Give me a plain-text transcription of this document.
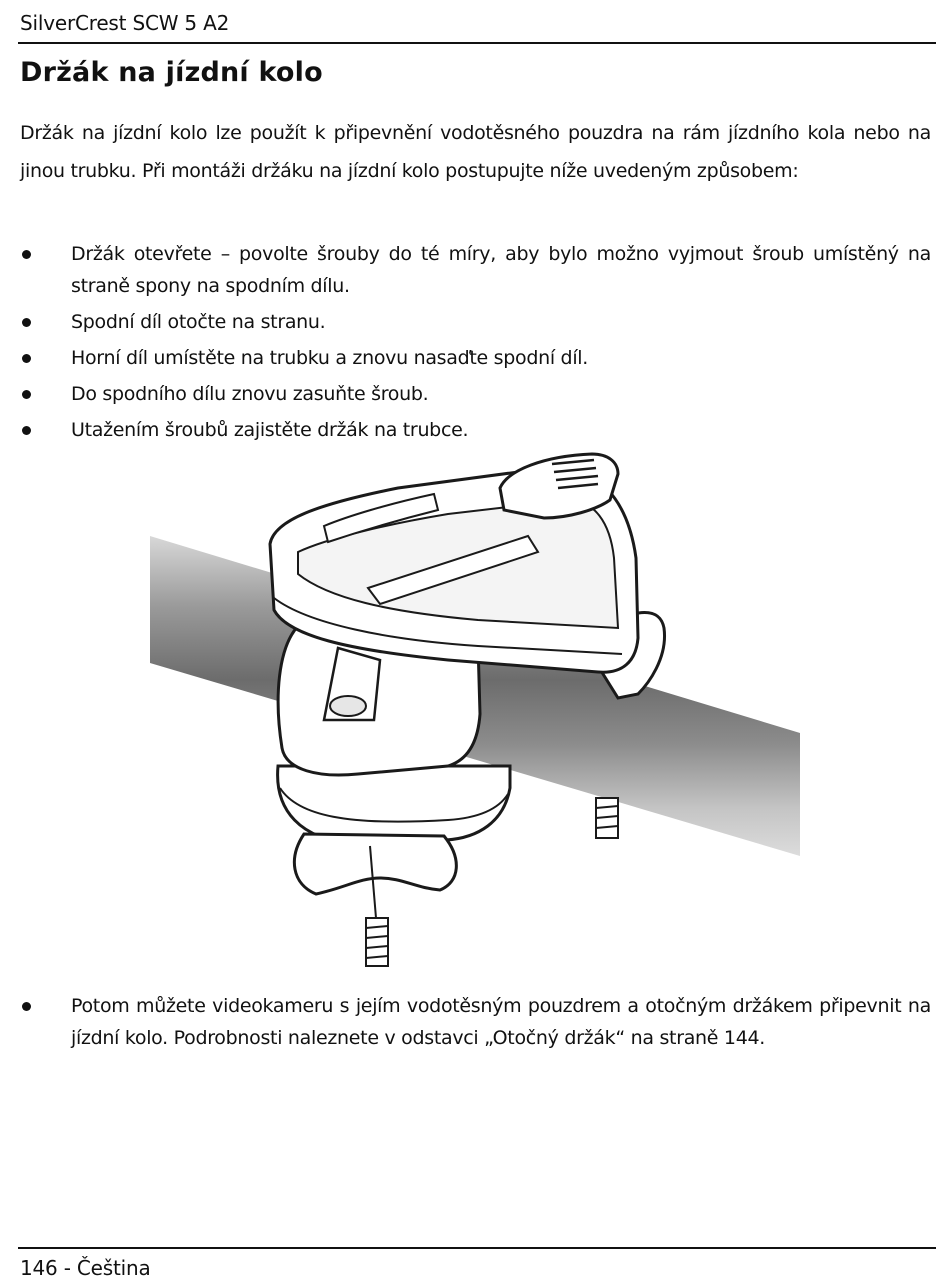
SilverCrest SCW 5 A2
Držák na jízdní kolo

Držák na jízdní kolo lze použít k připevnění vodotěsného pouzdra na rám jízdního kola nebo na jinou trubku. Při montáži držáku na jízdní kolo postupujte níže uvedeným způsobem:

Držák otevřete – povolte šrouby do té míry, aby bylo možno vyjmout šroub umístěný na straně spony na spodním dílu.
Spodní díl otočte na stranu.
Horní díl umístěte na trubku a znovu nasaďte spodní díl.
Do spodního dílu znovu zasuňte šroub.
Utažením šroubů zajistěte držák na trubce.
Potom můžete videokameru s jejím vodotěsným pouzdrem a otočným držákem připevnit na jízdní kolo. Podrobnosti naleznete v odstavci „Otočný držák“ na straně 144.
146 - Čeština
